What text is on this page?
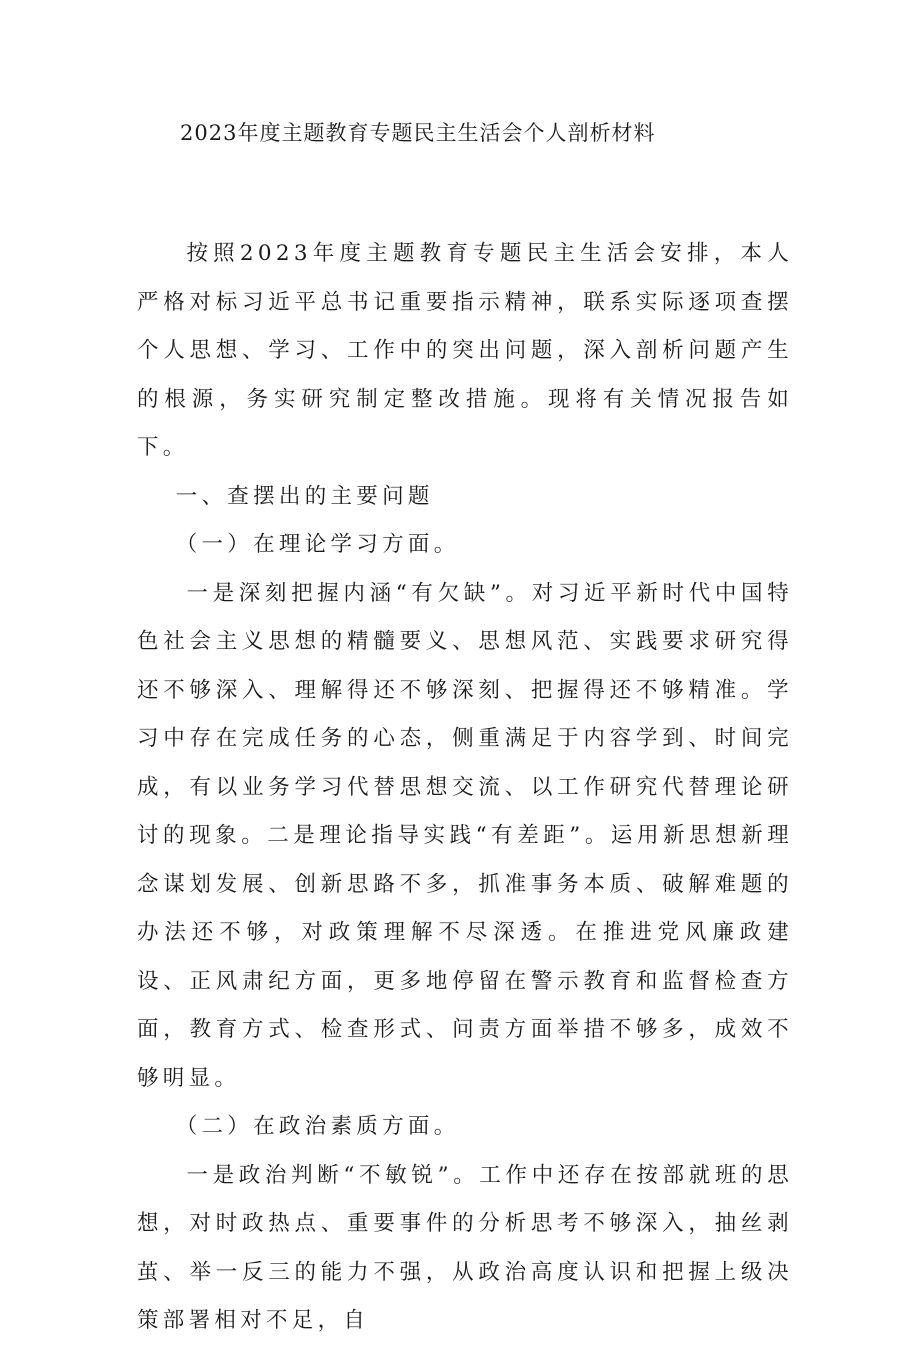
2023年度主题教育专题民主生活会个人剖析材料

按照2023年度主题教育专题民主生活会安排，本人严格对标习近平总书记重要指示精神，联系实际逐项查摆个人思想、学习、工作中的突出问题，深入剖析问题产生的根源，务实研究制定整改措施。现将有关情况报告如下。

一、查摆出的主要问题

（一）在理论学习方面。

一是深刻把握内涵“有欠缺”。对习近平新时代中国特色社会主义思想的精髓要义、思想风范、实践要求研究得还不够深入、理解得还不够深刻、把握得还不够精准。学习中存在完成任务的心态，侧重满足于内容学到、时间完成，有以业务学习代替思想交流、以工作研究代替理论研讨的现象。二是理论指导实践“有差距”。运用新思想新理念谋划发展、创新思路不多，抓准事务本质、破解难题的办法还不够，对政策理解不尽深透。在推进党风廉政建设、正风肃纪方面，更多地停留在警示教育和监督检查方面，教育方式、检查形式、问责方面举措不够多，成效不够明显。

（二）在政治素质方面。

一是政治判断“不敏锐”。工作中还存在按部就班的思想，对时政热点、重要事件的分析思考不够深入，抽丝剥茧、举一反三的能力不强，从政治高度认识和把握上级决策部署相对不足，自
